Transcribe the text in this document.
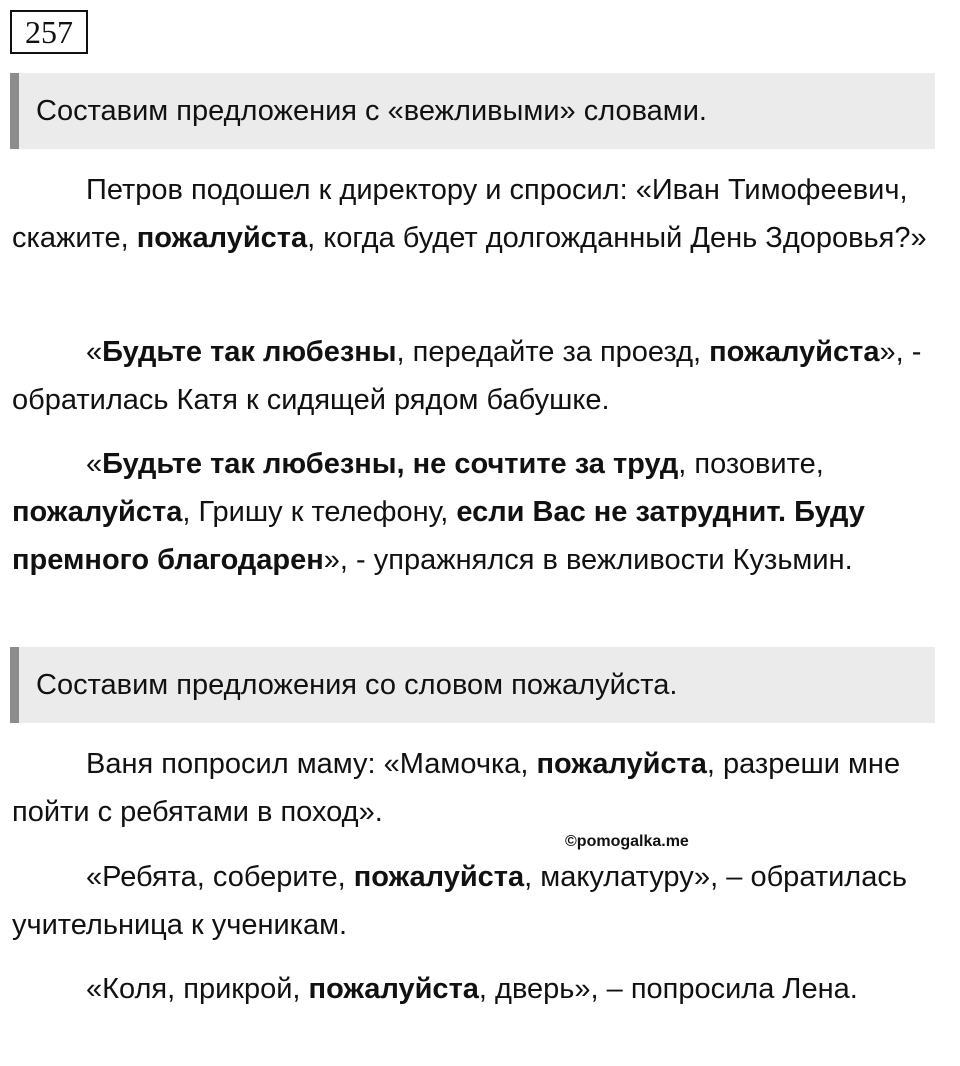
257
Составим предложения с «вежливыми» словами.

Петров подошел к директору и спросил: «Иван Тимофеевич, скажите, пожалуйста, когда будет долгожданный День Здоровья?»

«Будьте так любезны, передайте за проезд, пожалуйста», - обратилась Катя к сидящей рядом бабушке.

«Будьте так любезны, не сочтите за труд, позовите, пожалуйста, Гришу к телефону, если Вас не затруднит. Буду премного благодарен», - упражнялся в вежливости Кузьмин.

Составим предложения со словом пожалуйста.

Ваня попросил маму: «Мамочка, пожалуйста, разреши мне пойти с ребятами в поход».

«Ребята, соберите, пожалуйста, макулатуру», – обратилась учительница к ученикам.

«Коля, прикрой, пожалуйста, дверь», – попросила Лена.

©pomogalka.me
